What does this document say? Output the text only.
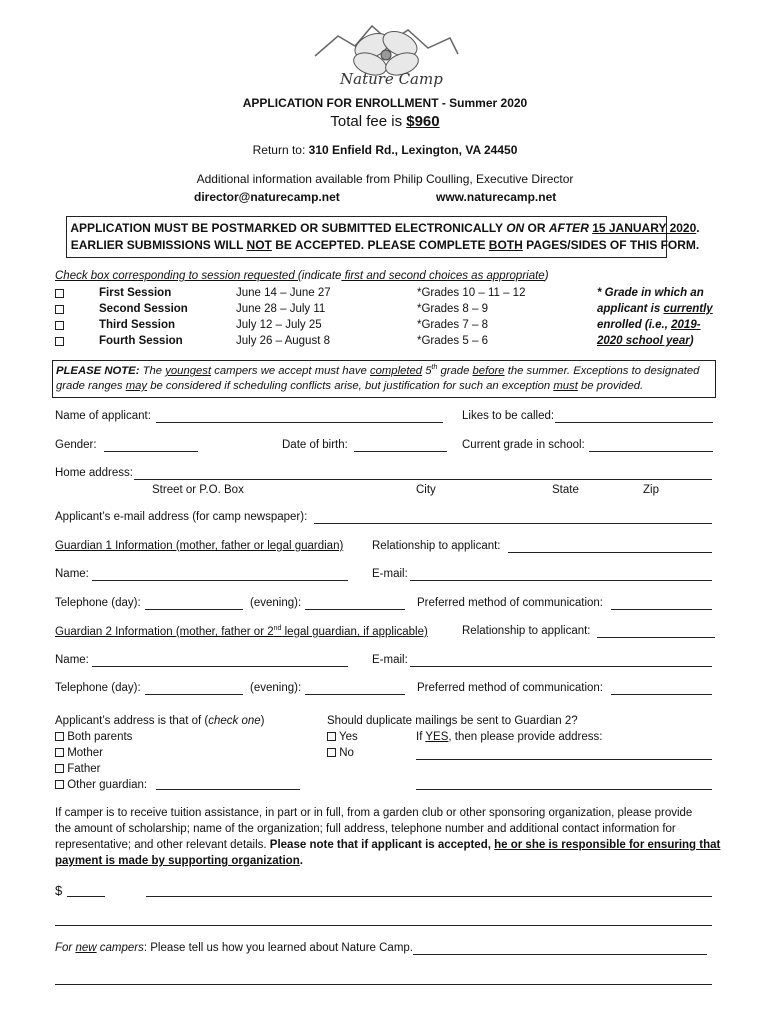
Nature Camp
APPLICATION FOR ENROLLMENT - Summer 2020
Total fee is $960
Return to: 310 Enfield Rd., Lexington, VA 24450
Additional information available from Philip Coulling, Executive Director
director@naturecamp.net	www.naturecamp.net
APPLICATION MUST BE POSTMARKED OR SUBMITTED ELECTRONICALLY ON OR AFTER 15 JANUARY 2020.
EARLIER SUBMISSIONS WILL NOT BE ACCEPTED. PLEASE COMPLETE BOTH PAGES/SIDES OF THIS FORM.
Check box corresponding to session requested (indicate first and second choices as appropriate)
First Session	June 14 – June 27	*Grades 10 – 11 – 12
Second Session	June 28 – July 11	*Grades 8 – 9
Third Session	July 12 – July 25	*Grades 7 – 8
Fourth Session	July 26 – August 8	*Grades 5 – 6
* Grade in which an
applicant is currently
enrolled (i.e., 2019-
2020 school year)
PLEASE NOTE: The youngest campers we accept must have completed 5th grade before the summer. Exceptions to designated
grade ranges may be considered if scheduling conflicts arise, but justification for such an exception must be provided.
Name of applicant:	Likes to be called:
Gender:	Date of birth:	Current grade in school:
Home address:
Street or P.O. Box	City	State	Zip
Applicant’s e-mail address (for camp newspaper):
Guardian 1 Information (mother, father or legal guardian) Relationship to applicant:
Name:	E-mail:
Telephone (day):	(evening):	Preferred method of communication:
Guardian 2 Information (mother, father or 2nd legal guardian, if applicable)	Relationship to applicant:
Name:	E-mail:
Telephone (day):	(evening):	Preferred method of communication:
Applicant’s address is that of (check one)
Both parents
Mother
Father
Other guardian:
Should duplicate mailings be sent to Guardian 2?
Yes
No
If YES, then please provide address:
If camper is to receive tuition assistance, in part or in full, from a garden club or other sponsoring organization, please provide
the amount of scholarship; name of the organization; full address, telephone number and additional contact information for
representative; and other relevant details. Please note that if applicant is accepted, he or she is responsible for ensuring that
payment is made by supporting organization.
$
For new campers: Please tell us how you learned about Nature Camp.
